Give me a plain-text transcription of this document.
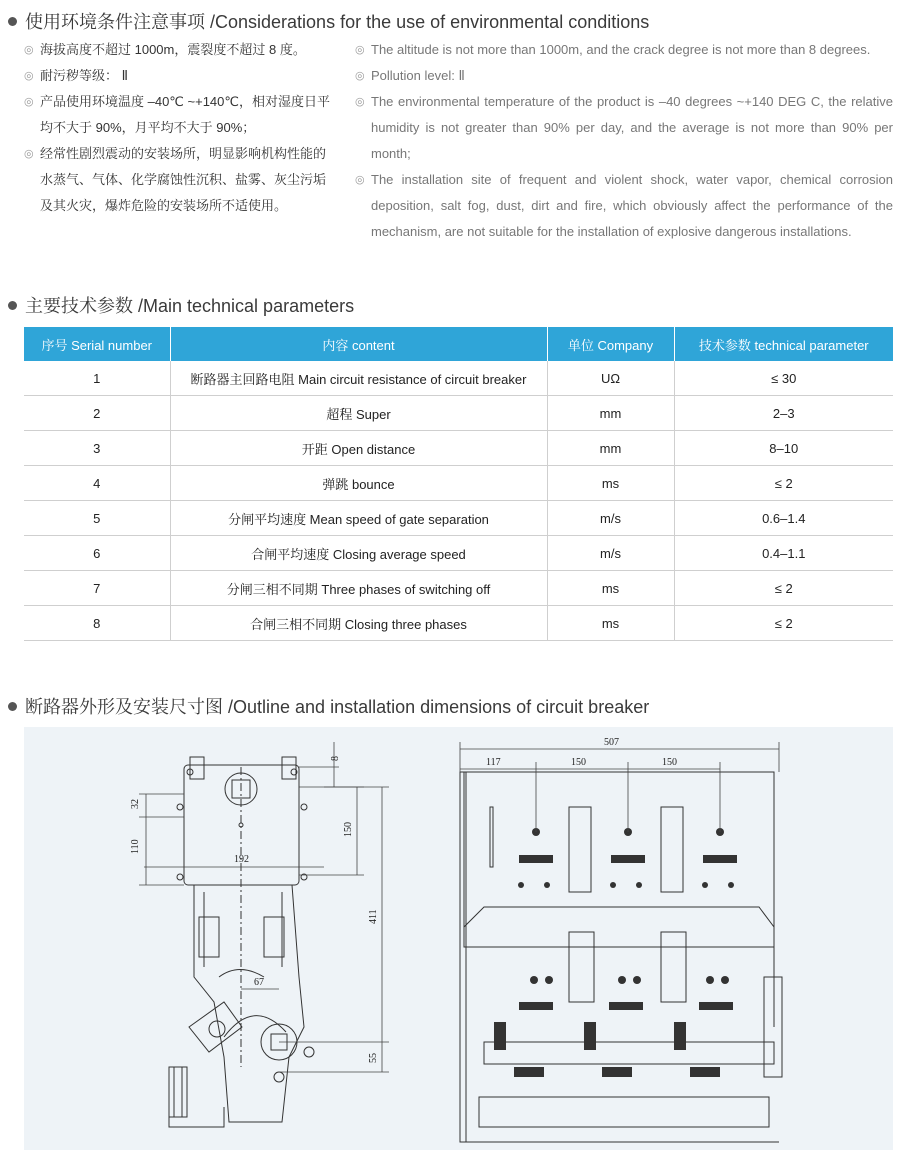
使用环境条件注意事项 /Considerations for the use of environmental conditions
◎ 海拔高度不超过 1000m，震裂度不超过 8 度。
◎ 耐污秽等级： Ⅱ
◎ 产品使用环境温度 –40℃ ~+140℃，相对湿度日平均不大于 90%，月平均不大于 90%；
◎ 经常性剧烈震动的安装场所，明显影响机构性能的水蒸气、气体、化学腐蚀性沉积、盐雾、灰尘污垢及其火灾，爆炸危险的安装场所不适使用。
◎ The altitude is not more than 1000m, and the crack degree is not more than 8 degrees.
◎ Pollution level: Ⅱ
◎ The environmental temperature of the product is –40 degrees ~+140 DEG C, the relative humidity is not greater than 90% per day, and the average is not more than 90% per month;
◎ The installation site of frequent and violent shock, water vapor, chemical corrosion deposition, salt fog, dust, dirt and fire, which obviously affect the performance of the mechanism, are not suitable for the installation of explosive dangerous installations.
主要技术参数 /Main technical parameters
序号 Serial number	内容 content	单位 Company	技术参数 technical parameter
1	断路器主回路电阻 Main circuit resistance of circuit breaker	UΩ	≤ 30
2	超程 Super	mm	2–3
3	开距 Open distance	mm	8–10
4	弹跳 bounce	ms	≤ 2
5	分闸平均速度 Mean speed of gate separation	m/s	0.6–1.4
6	合闸平均速度 Closing average speed	m/s	0.4–1.1
7	分闸三相不同期 Three phases of switching off	ms	≤ 2
8	合闸三相不同期 Closing three phases	ms	≤ 2
断路器外形及安装尺寸图 /Outline and installation dimensions of circuit breaker
8
32
110
150
192
411
67
55
507
117	150	150
